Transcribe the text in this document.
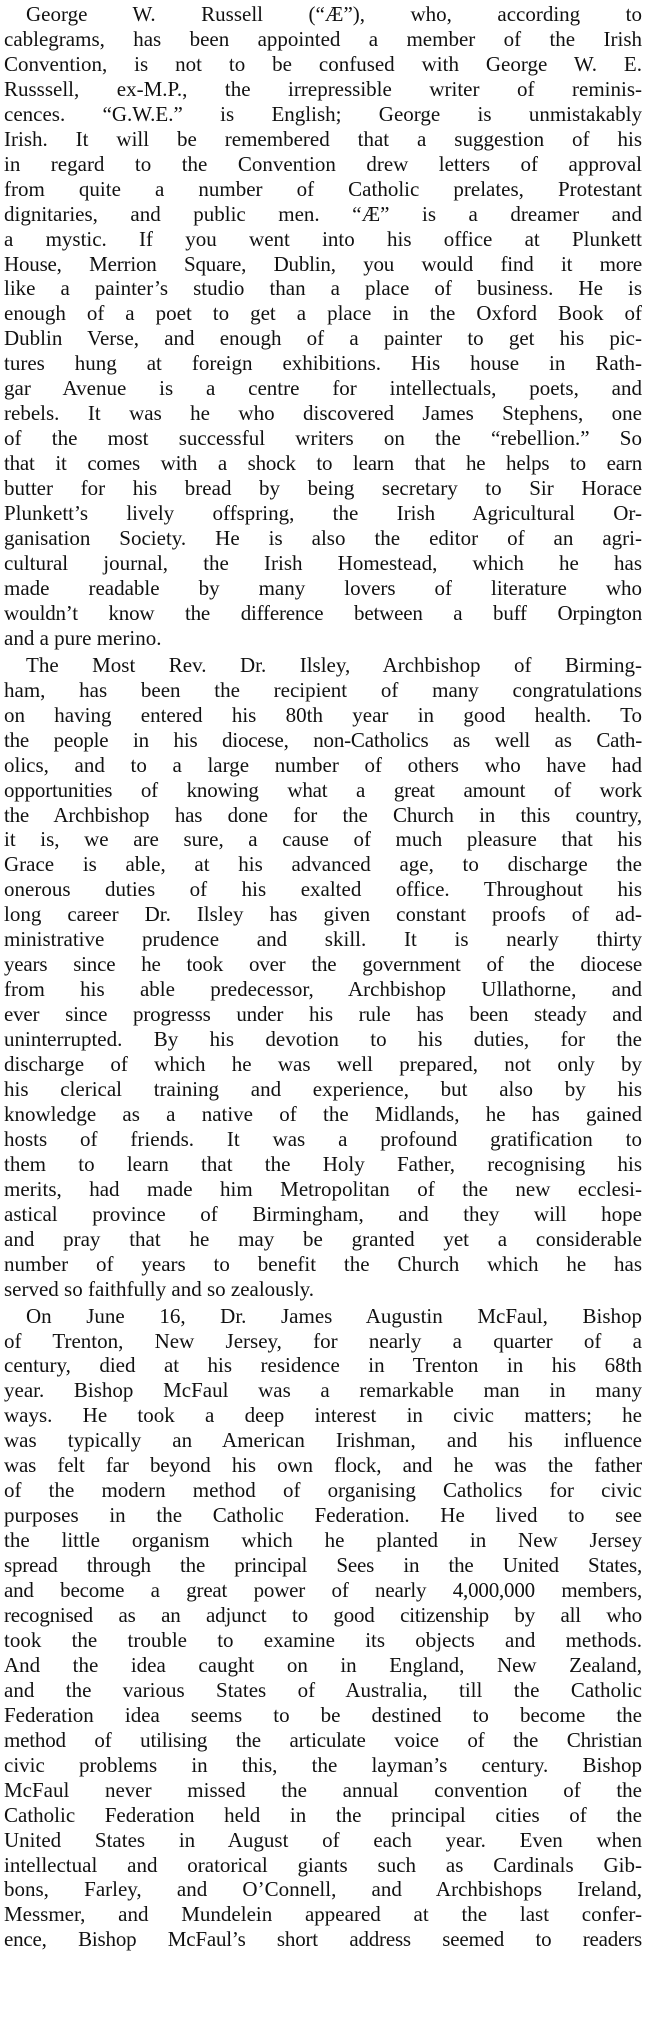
George W. Russell (“Æ”), who, according to
cablegrams, has been appointed a member of the Irish
Convention, is not to be confused with George W. E.
Russsell, ex-M.P., the irrepressible writer of reminis-
cences. “G.W.E.” is English; George is unmistakably
Irish. It will be remembered that a suggestion of his
in regard to the Convention drew letters of approval
from quite a number of Catholic prelates, Protestant
dignitaries, and public men. “Æ” is a dreamer and
a mystic. If you went into his office at Plunkett
House, Merrion Square, Dublin, you would find it more
like a painter’s studio than a place of business. He is
enough of a poet to get a place in the Oxford Book of
Dublin Verse, and enough of a painter to get his pic-
tures hung at foreign exhibitions. His house in Rath-
gar Avenue is a centre for intellectuals, poets, and
rebels. It was he who discovered James Stephens, one
of the most successful writers on the “rebellion.” So
that it comes with a shock to learn that he helps to earn
butter for his bread by being secretary to Sir Horace
Plunkett’s lively offspring, the Irish Agricultural Or-
ganisation Society. He is also the editor of an agri-
cultural journal, the Irish Homestead, which he has
made readable by many lovers of literature who
wouldn’t know the difference between a buff Orpington
and a pure merino.
The Most Rev. Dr. Ilsley, Archbishop of Birming-
ham, has been the recipient of many congratulations
on having entered his 80th year in good health. To
the people in his diocese, non-Catholics as well as Cath-
olics, and to a large number of others who have had
opportunities of knowing what a great amount of work
the Archbishop has done for the Church in this country,
it is, we are sure, a cause of much pleasure that his
Grace is able, at his advanced age, to discharge the
onerous duties of his exalted office. Throughout his
long career Dr. Ilsley has given constant proofs of ad-
ministrative prudence and skill. It is nearly thirty
years since he took over the government of the diocese
from his able predecessor, Archbishop Ullathorne, and
ever since progresss under his rule has been steady and
uninterrupted. By his devotion to his duties, for the
discharge of which he was well prepared, not only by
his clerical training and experience, but also by his
knowledge as a native of the Midlands, he has gained
hosts of friends. It was a profound gratification to
them to learn that the Holy Father, recognising his
merits, had made him Metropolitan of the new ecclesi-
astical province of Birmingham, and they will hope
and pray that he may be granted yet a considerable
number of years to benefit the Church which he has
served so faithfully and so zealously.
On June 16, Dr. James Augustin McFaul, Bishop
of Trenton, New Jersey, for nearly a quarter of a
century, died at his residence in Trenton in his 68th
year. Bishop McFaul was a remarkable man in many
ways. He took a deep interest in civic matters; he
was typically an American Irishman, and his influence
was felt far beyond his own flock, and he was the father
of the modern method of organising Catholics for civic
purposes in the Catholic Federation. He lived to see
the little organism which he planted in New Jersey
spread through the principal Sees in the United States,
and become a great power of nearly 4,000,000 members,
recognised as an adjunct to good citizenship by all who
took the trouble to examine its objects and methods.
And the idea caught on in England, New Zealand,
and the various States of Australia, till the Catholic
Federation idea seems to be destined to become the
method of utilising the articulate voice of the Christian
civic problems in this, the layman’s century. Bishop
McFaul never missed the annual convention of the
Catholic Federation held in the principal cities of the
United States in August of each year. Even when
intellectual and oratorical giants such as Cardinals Gib-
bons, Farley, and O’Connell, and Archbishops Ireland,
Messmer, and Mundelein appeared at the last confer-
ence, Bishop McFaul’s short address seemed to readers
